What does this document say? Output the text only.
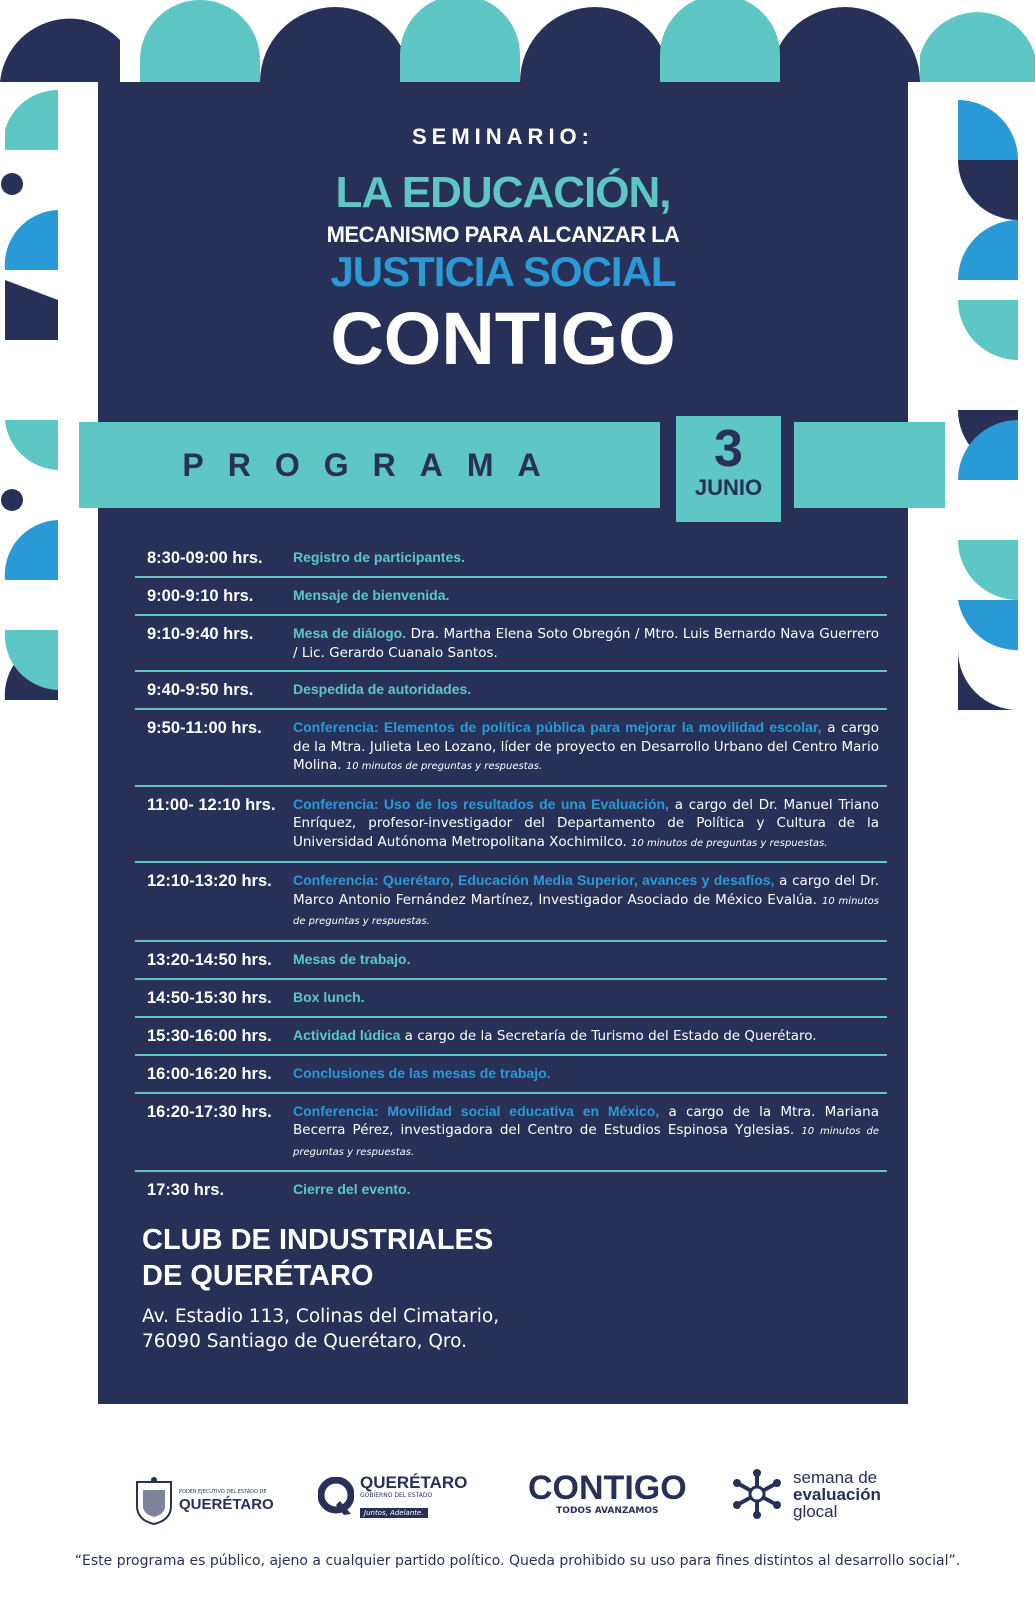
SEMINARIO:
LA EDUCACIÓN,
MECANISMO PARA ALCANZAR LA
JUSTICIA SOCIAL
CONTIGO
8:30-09:00 hrs.	Registro de participantes.
9:00-9:10 hrs.	Mensaje de bienvenida.
9:10-9:40 hrs.	Mesa de diálogo. Dra. Martha Elena Soto Obregón / Mtro. Luis Bernardo Nava Guerrero / Lic. Gerardo Cuanalo Santos.
9:40-9:50 hrs.	Despedida de autoridades.
9:50-11:00 hrs.	Conferencia: Elementos de política pública para mejorar la movilidad escolar, a cargo de la Mtra. Julieta Leo Lozano, líder de proyecto en Desarrollo Urbano del Centro Mario Molina. 10 minutos de preguntas y respuestas.
11:00- 12:10 hrs.	Conferencia: Uso de los resultados de una Evaluación, a cargo del Dr. Manuel Triano Enríquez, profesor-investigador del Departamento de Política y Cultura de la Universidad Autónoma Metropolitana Xochimilco. 10 minutos de preguntas y respuestas.
12:10-13:20 hrs.	Conferencia: Querétaro, Educación Media Superior, avances y desafíos, a cargo del Dr. Marco Antonio Fernández Martínez, Investigador Asociado de México Evalúa. 10 minutos de preguntas y respuestas.
13:20-14:50 hrs.	Mesas de trabajo.
14:50-15:30 hrs.	Box lunch.
15:30-16:00 hrs.	Actividad lúdica a cargo de la Secretaría de Turismo del Estado de Querétaro.
16:00-16:20 hrs.	Conclusiones de las mesas de trabajo.
16:20-17:30 hrs.	Conferencia: Movilidad social educativa en México, a cargo de la Mtra. Mariana Becerra Pérez, investigadora del Centro de Estudios Espinosa Yglesias. 10 minutos de preguntas y respuestas.
17:30 hrs.	Cierre del evento.
CLUB DE INDUSTRIALES
DE QUERÉTARO
Av. Estadio 113, Colinas del Cimatario,
76090 Santiago de Querétaro, Qro.
PROGRAMA	3
JUNIO
PODER EJECUTIVO DEL ESTADO DE
QUERÉTARO
QUERÉTARO
GOBIERNO DEL ESTADO
Juntos, Adelante.
CONTIGO
TODOS AVANZAMOS
semana de
evaluación
glocal
“Este programa es público, ajeno a cualquier partido político. Queda prohibido su uso para fines distintos al desarrollo social”.
